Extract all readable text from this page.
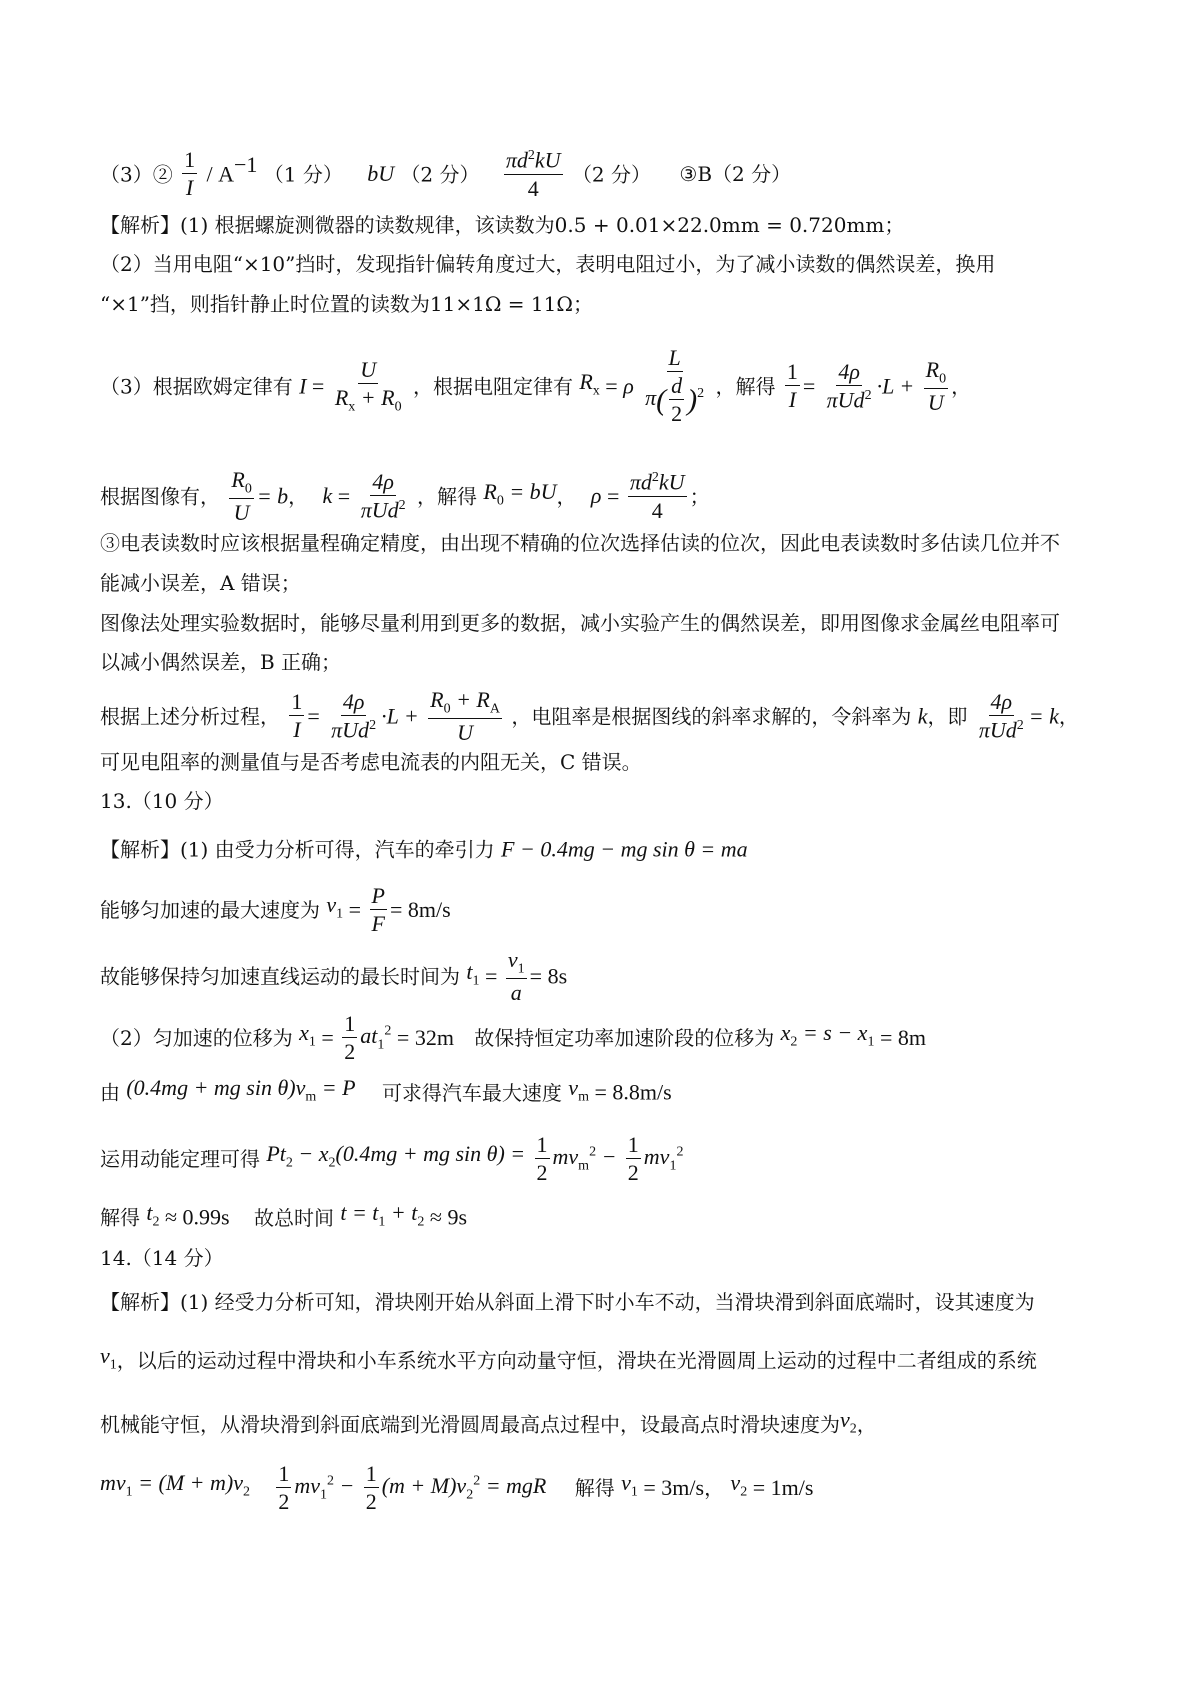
（3）② $\frac{1}{I} / A^{-1}$ （1 分） bU （2 分） $\frac{\pi d^2kU}{4} (2$ 分） ③B（2 分）
【解析】(1) 根据螺旋测微器的读数规律，该读数为0.5 + 0.01×22.0mm = 0.720mm；
（2）当用电阻“×10”挡时，发现指针偏转角度过大，表明电阻过小，为了减小读数的偶然误差，换用
“×1”挡，则指针静止时位置的读数为11×1Ω = 11Ω；
（3）根据欧姆定律有 $I = \frac{U}{R_x + R_0}$ ，根据电阻定律有 $R_x = \rho \frac{L}{\pi( \frac{d}{2} )^2}$ ，解得 $\frac{1}{I} = \frac{4\rho}{\pi Ud^2} \cdot L + \frac{R_0}{U}$ ，
根据图像有， $\frac{R_0}{U} = b$， $k = \frac{4\rho}{\pi Ud^2}$ ，解得 $R_0$ = bU， $\rho = \frac{\pi d^2kU}{4}$ ；
③电表读数时应该根据量程确定精度，由出现不精确的位次选择估读的位次，因此电表读数时多估读几位并不
能减小误差，A 错误；
图像法处理实验数据时，能够尽量利用到更多的数据，减小实验产生的偶然误差，即用图像求金属丝电阻率可
以减小偶然误差，B 正确；
根据上述分析过程， $\frac{1}{I} = \frac{4\rho}{\pi Ud^2} \cdot L + \frac{R_0 + R_A}{U}$ ，电阻率是根据图线的斜率求解的，令斜率为 k，即 $\frac{4\rho}{\pi Ud^2} = k$，
可见电阻率的测量值与是否考虑电流表的内阻无关，C 错误。
13.（10 分）
【解析】(1) 由受力分析可得，汽车的牵引力 F − 0.4mg − mg sin θ = ma
能够匀加速的最大速度为 $v_1 = \frac{P}{F} = 8m/s$
故能够保持匀加速直线运动的最长时间为 $t_1 = \frac{v_1}{a} = 8s$
（2）匀加速的位移为 $x_1 = \frac{1}{2} at_1^2 = 32m$ 故保持恒定功率加速阶段的位移为 $x_2 = s - x_1 = 8m$
由 (0.4mg + mg $\sin \theta)v_m = P$ 可求得汽车最大速度 $v_m = 8.8m/s$
运用动能定理可得 $Pt_2 - x_2(0.4mg$ + mg $\sin \theta) = \frac{1}{2} mv_m^2 - \frac{1}{2} mv_1^2$
解得 $t_2 \approx 0.99s$ 故总时间 $t = t_1 + t_2 \approx 9s$
14.（14 分）
【解析】(1) 经受力分析可知，滑块刚开始从斜面上滑下时小车不动，当滑块滑到斜面底端时，设其速度为
$v_1$，以后的运动过程中滑块和小车系统水平方向动量守恒，滑块在光滑圆周上运动的过程中二者组成的系统
机械能守恒，从滑块滑到斜面底端到光滑圆周最高点过程中，设最高点时滑块速度为$v_2$，
$mv_1 = (M + m)v_2 \frac{1}{2} mv_1^2 - \frac{1}{2} (m + M)v_2^2$ = mgR 解得 $v_1 = 3m/s$， $v_2 = 1m/s$
